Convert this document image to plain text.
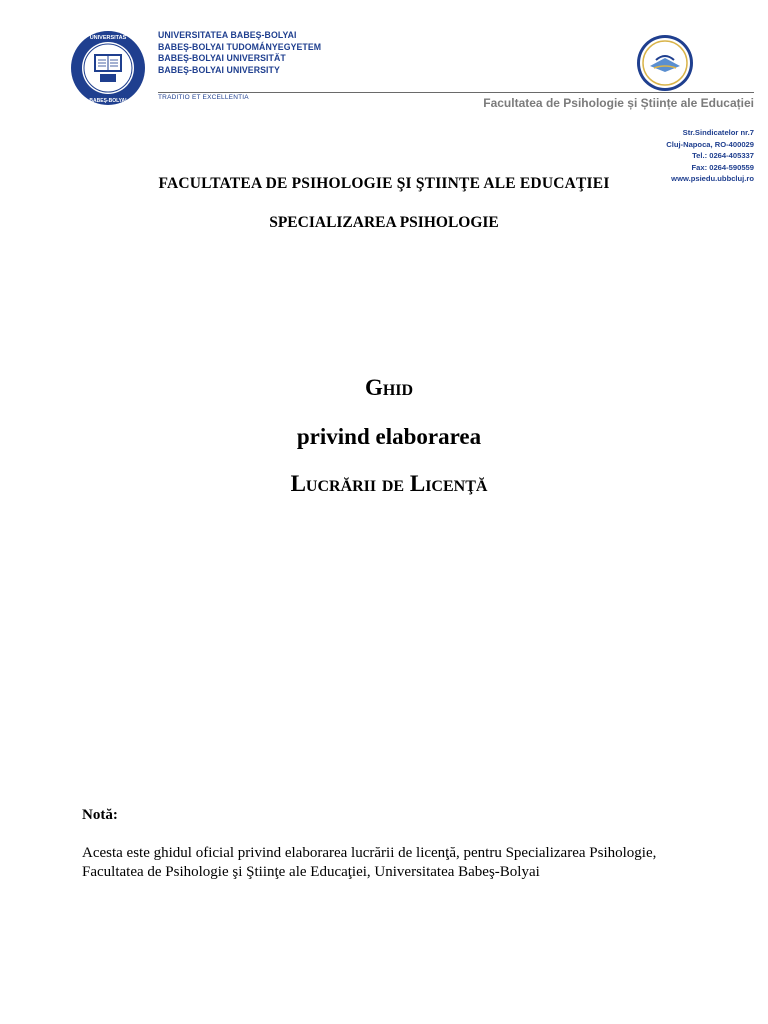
UNIVERSITAS
BABEŞ-BOLYAI
UNIVERSITATEA BABEŞ-BOLYAI
BABEŞ-BOLYAI TUDOMÁNYEGYETEM
BABEŞ-BOLYAI UNIVERSITÄT
BABEŞ-BOLYAI UNIVERSITY
TRADITIO ET EXCELLENTIA	Facultatea de Psihologie și Științe ale Educației
Str.Sindicatelor nr.7
Cluj-Napoca, RO-400029
Tel.: 0264-405337
Fax: 0264-590559
www.psiedu.ubbcluj.ro
FACULTATEA DE PSIHOLOGIE ŞI ŞTIINŢE ALE EDUCAŢIEI
SPECIALIZAREA PSIHOLOGIE
Ghid
privind elaborarea
Lucrării de Licenţă
Notă:
Acesta este ghidul oficial privind elaborarea lucrării de licenţă, pentru Specializarea Psihologie, Facultatea de Psihologie şi Ştiinţe ale Educaţiei, Universitatea Babeş-Bolyai
